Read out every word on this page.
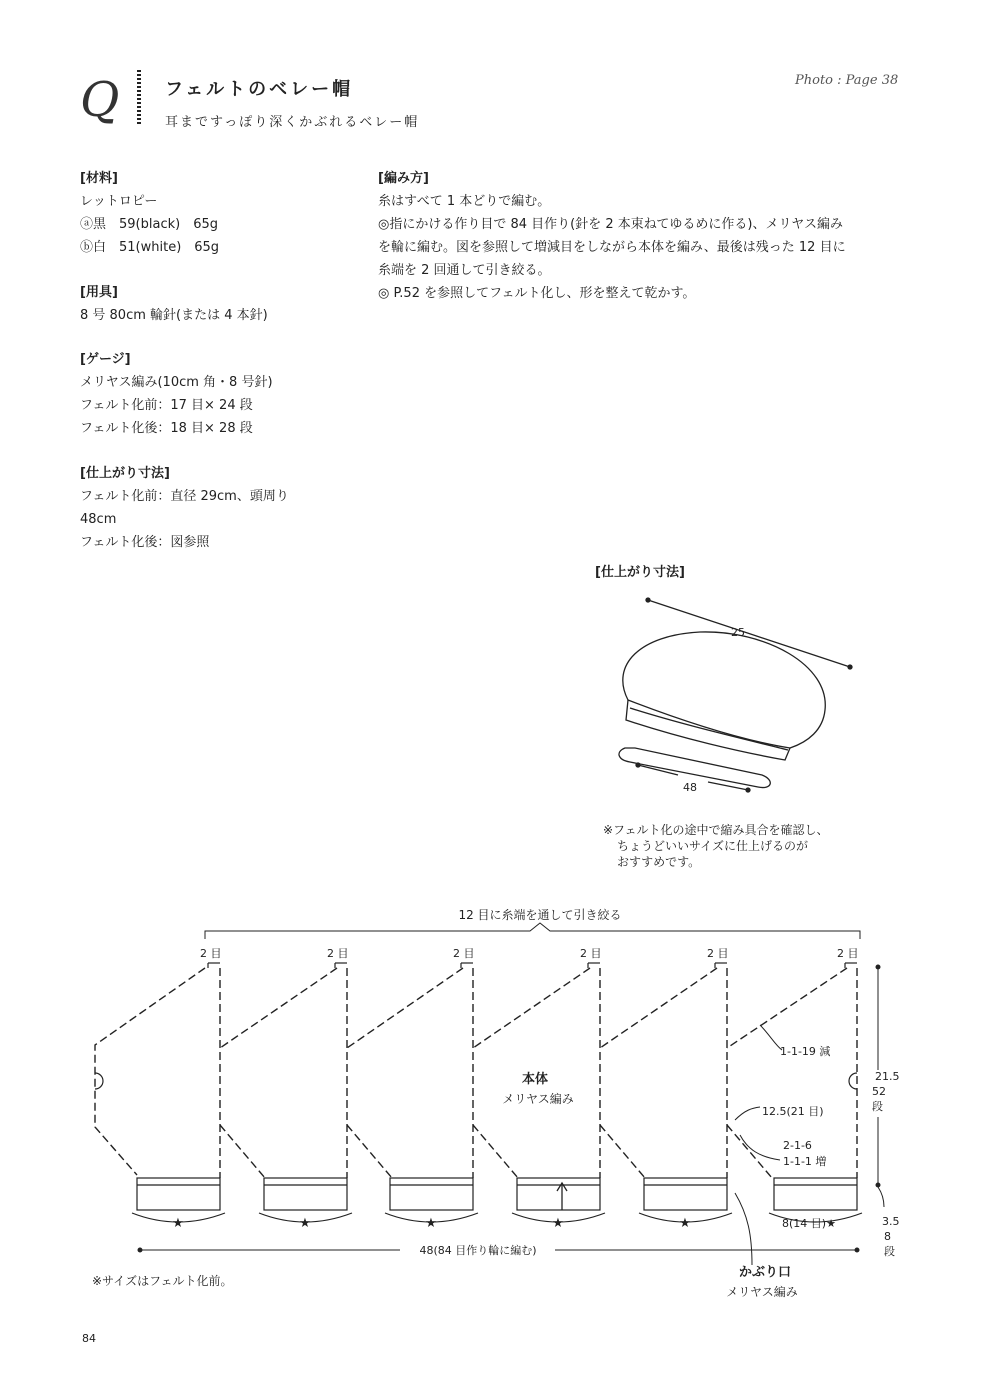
Q	フェルトのベレー帽
耳まですっぽり深くかぶれるベレー帽
Photo : Page 38
[材料]
レットロピー
ⓐ黒　59(black)　65g
ⓑ白　51(white)　65g
[用具]
8 号 80cm 輪針(または 4 本針)
[ゲージ]
メリヤス編み(10cm 角・8 号針)
フェルト化前：17 目× 24 段
フェルト化後：18 目× 28 段
[仕上がり寸法]
フェルト化前：直径 29cm、頭周り
48cm
フェルト化後：図参照
[編み方]
糸はすべて 1 本どりで編む。
◎指にかける作り目で 84 目作り(針を 2 本束ねてゆるめに作る)、メリヤス編み
を輪に編む。図を参照して増減目をしながら本体を編み、最後は残った 12 目に
糸端を 2 回通して引き絞る。
◎ P.52 を参照してフェルト化し、形を整えて乾かす。
[仕上がり寸法]
25
48
※フェルト化の途中で縮み具合を確認し、
ちょうどいいサイズに仕上げるのが
おすすめです。
12 目に糸端を通して引き絞る
2 目
★
2 目
★
2 目
★
2 目
★
2 目
★
2 目
本体
メリヤス編み
1-1-19 減
12.5(21 目)
2-1-6
1-1-1 増
8(14 目)★
21.5
52
段
3.5
8
段
48(84 目作り輪に編む)
かぶり口
メリヤス編み
※サイズはフェルト化前。
84
